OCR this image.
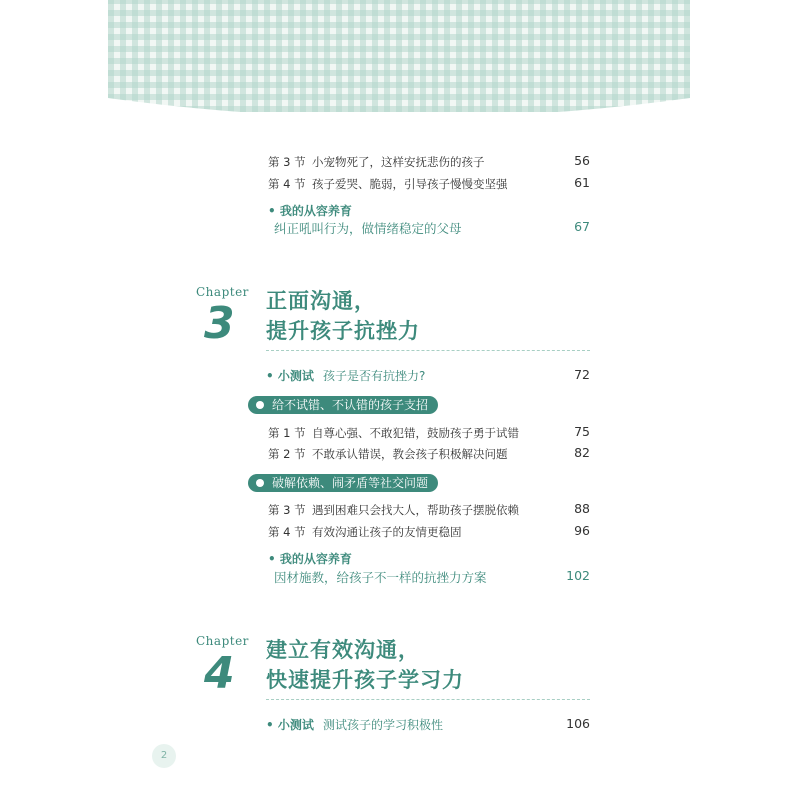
第 3 节 小宠物死了，这样安抚悲伤的孩子	56
第 4 节 孩子爱哭、脆弱，引导孩子慢慢变坚强	61
• 我的从容养育
纠正吼叫行为，做情绪稳定的父母	67
Chapter
3 正面沟通，
提升孩子抗挫力
• 小测试 孩子是否有抗挫力?	72
给不试错、不认错的孩子支招
第 1 节 自尊心强、不敢犯错，鼓励孩子勇于试错	75
第 2 节 不敢承认错误，教会孩子积极解决问题	82
破解依赖、闹矛盾等社交问题
第 3 节 遇到困难只会找大人，帮助孩子摆脱依赖	88
第 4 节 有效沟通让孩子的友情更稳固	96
• 我的从容养育
因材施教，给孩子不一样的抗挫力方案	102
Chapter
4 建立有效沟通，
快速提升孩子学习力
• 小测试 测试孩子的学习积极性	106
2
